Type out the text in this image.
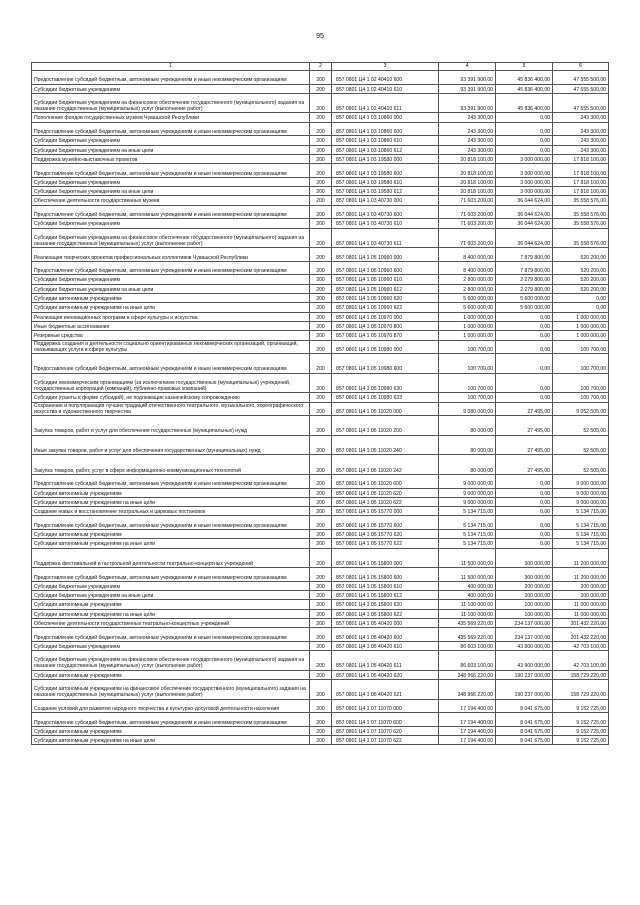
95
1	2	3	4	5	6
Предоставление субсидий бюджетным, автономным учреждениям и иным некоммерческим организациям	200	857 0801 Ц4 1 02 40410 600	93 391 900,00	45 836 400,00	47 555 500,00
Субсидии бюджетным учреждениям	200	857 0801 Ц4 1 02 40410 610	93 391 900,00	45 836 400,00	47 555 500,00
Субсидии бюджетным учреждениям на финансовое обеспечение государственного (муниципального) задания на оказание государственных (муниципальных) услуг (выполнение работ)	200	857 0801 Ц4 1 02 40410 611	93 391 900,00	45 836 400,00	47 555 500,00
Пополнение фондов государственных музеев Чувашской Республики	200	857 0801 Ц4 1 03 10860 000	243 300,00	0,00	243 300,00
Предоставление субсидий бюджетным, автономным учреждениям и иным некоммерческим организациям	200	857 0801 Ц4 1 03 10860 600	243 300,00	0,00	243 300,00
Субсидии бюджетным учреждениям	200	857 0801 Ц4 1 03 10860 610	243 300,00	0,00	243 300,00
Субсидии бюджетным учреждениям на иные цели	200	857 0801 Ц4 1 03 10860 612	243 300,00	0,00	243 300,00
Поддержка музейно-выставочных проектов	200	857 0801 Ц4 1 03 19580 000	20 818 100,00	3 000 000,00	17 818 100,00
Предоставление субсидий бюджетным, автономным учреждениям и иным некоммерческим организациям	200	857 0801 Ц4 1 03 19580 600	20 818 100,00	3 000 000,00	17 818 100,00
Субсидии бюджетным учреждениям	200	857 0801 Ц4 1 03 19580 610	20 818 100,00	3 000 000,00	17 818 100,00
Субсидии бюджетным учреждениям на иные цели	200	857 0801 Ц4 1 03 19580 612	20 818 100,00	3 000 000,00	17 818 100,00
Обеспечение деятельности государственных музеев	200	857 0801 Ц4 1 03 40730 000	71 603 200,00	36 044 624,00	35 558 576,00
Предоставление субсидий бюджетным, автономным учреждениям и иным некоммерческим организациям	200	857 0801 Ц4 1 03 40730 600	71 603 200,00	36 044 624,00	35 558 576,00
Субсидии бюджетным учреждениям	200	857 0801 Ц4 1 03 40730 610	71 603 200,00	36 044 624,00	35 558 576,00
Субсидии бюджетным учреждениям на финансовое обеспечение государственного (муниципального) задания на оказание государственных (муниципальных) услуг (выполнение работ)	200	857 0801 Ц4 1 03 40730 611	71 603 200,00	36 044 624,00	35 558 576,00
Реализация творческих проектов профессиональных коллективов Чувашской Республики	200	857 0801 Ц4 1 05 10960 000	8 400 000,00	7 879 800,00	520 200,00
Предоставление субсидий бюджетным, автономным учреждениям и иным некоммерческим организациям	200	857 0801 Ц4 1 05 10960 600	8 400 000,00	7 879 800,00	520 200,00
Субсидии бюджетным учреждениям	200	857 0801 Ц4 1 05 10960 610	2 800 000,00	2 279 800,00	520 200,00
Субсидии бюджетным учреждениям на иные цели	200	857 0801 Ц4 1 05 10960 612	2 800 000,00	2 279 800,00	520 200,00
Субсидии автономным учреждениям	200	857 0801 Ц4 1 05 10960 620	5 600 000,00	5 600 000,00	0,00
Субсидии автономным учреждениям на иные цели	200	857 0801 Ц4 1 05 10960 622	5 600 000,00	5 600 000,00	0,00
Реализация инновационных программ в сфере культуры и искусства	200	857 0801 Ц4 1 05 10970 000	1 000 000,00	0,00	1 000 000,00
Иные бюджетные ассигнования	200	857 0801 Ц4 1 05 10970 800	1 000 000,00	0,00	1 000 000,00
Резервные средства	200	857 0801 Ц4 1 05 10970 870	1 000 000,00	0,00	1 000 000,00
Поддержка создания и деятельности социально ориентированных некоммерческих организаций, организаций, оказывающих услуги в сфере культуры	200	857 0801 Ц4 1 05 10980 000	100 700,00	0,00	100 700,00
Предоставление субсидий бюджетным, автономным учреждениям и иным некоммерческим организациям	200	857 0801 Ц4 1 05 10980 600	100 700,00	0,00	100 700,00
Субсидии некоммерческим организациям (за исключением государственных (муниципальных) учреждений, государственных корпораций (компаний), публично-правовых компаний)	200	857 0801 Ц4 1 05 10980 630	100 700,00	0,00	100 700,00
Субсидии (гранты в форме субсидий), не подлежащие казначейскому сопровождению	200	857 0801 Ц4 1 05 10980 633	100 700,00	0,00	100 700,00
Сохранение и популяризация лучших традиций отечественного театрального, музыкального, хореографического искусства и художественного творчества	200	857 0801 Ц4 1 05 11020 000	9 080 000,00	27 495,00	9 052 505,00
Закупка товаров, работ и услуг для обеспечения государственных (муниципальных) нужд	200	857 0801 Ц4 1 05 11020 200	80 000,00	27 495,00	52 505,00
Иные закупки товаров, работ и услуг для обеспечения государственных (муниципальных) нужд	200	857 0801 Ц4 1 05 11020 240	80 000,00	27 495,00	52 505,00
Закупка товаров, работ, услуг в сфере информационно-коммуникационных технологий	200	857 0801 Ц4 1 05 11020 242	80 000,00	27 495,00	52 505,00
Предоставление субсидий бюджетным, автономным учреждениям и иным некоммерческим организациям	200	857 0801 Ц4 1 05 11020 600	9 000 000,00	0,00	9 000 000,00
Субсидии автономным учреждениям	200	857 0801 Ц4 1 05 11020 620	9 000 000,00	0,00	9 000 000,00
Субсидии автономным учреждениям на иные цели	200	857 0801 Ц4 1 05 11020 622	9 000 000,00	0,00	9 000 000,00
Создание новых и восстановление театральных и цирковых постановок	200	857 0801 Ц4 1 05 15770 000	5 134 715,00	0,00	5 134 715,00
Предоставление субсидий бюджетным, автономным учреждениям и иным некоммерческим организациям	200	857 0801 Ц4 1 05 15770 600	5 134 715,00	0,00	5 134 715,00
Субсидии автономным учреждениям	200	857 0801 Ц4 1 05 15770 620	5 134 715,00	0,00	5 134 715,00
Субсидии автономным учреждениям на иные цели	200	857 0801 Ц4 1 05 15770 622	5 134 715,00	0,00	5 134 715,00
Поддержка фестивальной и гастрольной деятельности театрально-концертных учреждений	200	857 0801 Ц4 1 05 15800 000	11 500 000,00	300 000,00	11 200 000,00
Предоставление субсидий бюджетным, автономным учреждениям и иным некоммерческим организациям	200	857 0801 Ц4 1 05 15800 600	11 500 000,00	300 000,00	11 200 000,00
Субсидии бюджетным учреждениям	200	857 0801 Ц4 1 05 15800 610	400 000,00	200 000,00	200 000,00
Субсидии бюджетным учреждениям на иные цели	200	857 0801 Ц4 1 05 15800 612	400 000,00	200 000,00	200 000,00
Субсидии автономным учреждениям	200	857 0801 Ц4 1 05 15800 620	11 100 000,00	100 000,00	11 000 000,00
Субсидии автономным учреждениям на иные цели	200	857 0801 Ц4 1 05 15800 622	11 100 000,00	100 000,00	11 000 000,00
Обеспечение деятельности государственных театрально-концертных учреждений	200	857 0801 Ц4 1 05 40420 000	435 569 220,00	234 137 000,00	201 432 220,00
Предоставление субсидий бюджетным, автономным учреждениям и иным некоммерческим организациям	200	857 0801 Ц4 1 05 40420 600	435 569 220,00	234 137 000,00	201 432 220,00
Субсидии бюджетным учреждениям	200	857 0801 Ц4 1 05 40420 610	86 603 100,00	43 900 000,00	42 703 100,00
Субсидии бюджетным учреждениям на финансовое обеспечение государственного (муниципального) задания на оказание государственных (муниципальных) услуг (выполнение работ)	200	857 0801 Ц4 1 05 40420 611	86 603 100,00	43 900 000,00	42 703 100,00
Субсидии автономным учреждениям	200	857 0801 Ц4 1 05 40420 620	348 966 220,00	190 237 000,00	158 729 220,00
Субсидии автономным учреждениям на финансовое обеспечение государственного (муниципального) задания на оказание государственных (муниципальных) услуг (выполнение работ)	200	857 0801 Ц4 1 05 40420 621	348 966 220,00	190 237 000,00	158 729 220,00
Создание условий для развития народного творчества и культурно-досуговой деятельности населения	200	857 0801 Ц4 1 07 11070 000	17 194 400,00	8 041 675,00	9 152 725,00
Предоставление субсидий бюджетным, автономным учреждениям и иным некоммерческим организациям	200	857 0801 Ц4 1 07 11070 600	17 194 400,00	8 041 675,00	9 152 725,00
Субсидии автономным учреждениям	200	857 0801 Ц4 1 07 11070 620	17 194 400,00	8 041 675,00	9 152 725,00
Субсидии автономным учреждениям на иные цели	200	857 0801 Ц4 1 07 11070 622	17 194 400,00	8 041 675,00	9 152 725,00
